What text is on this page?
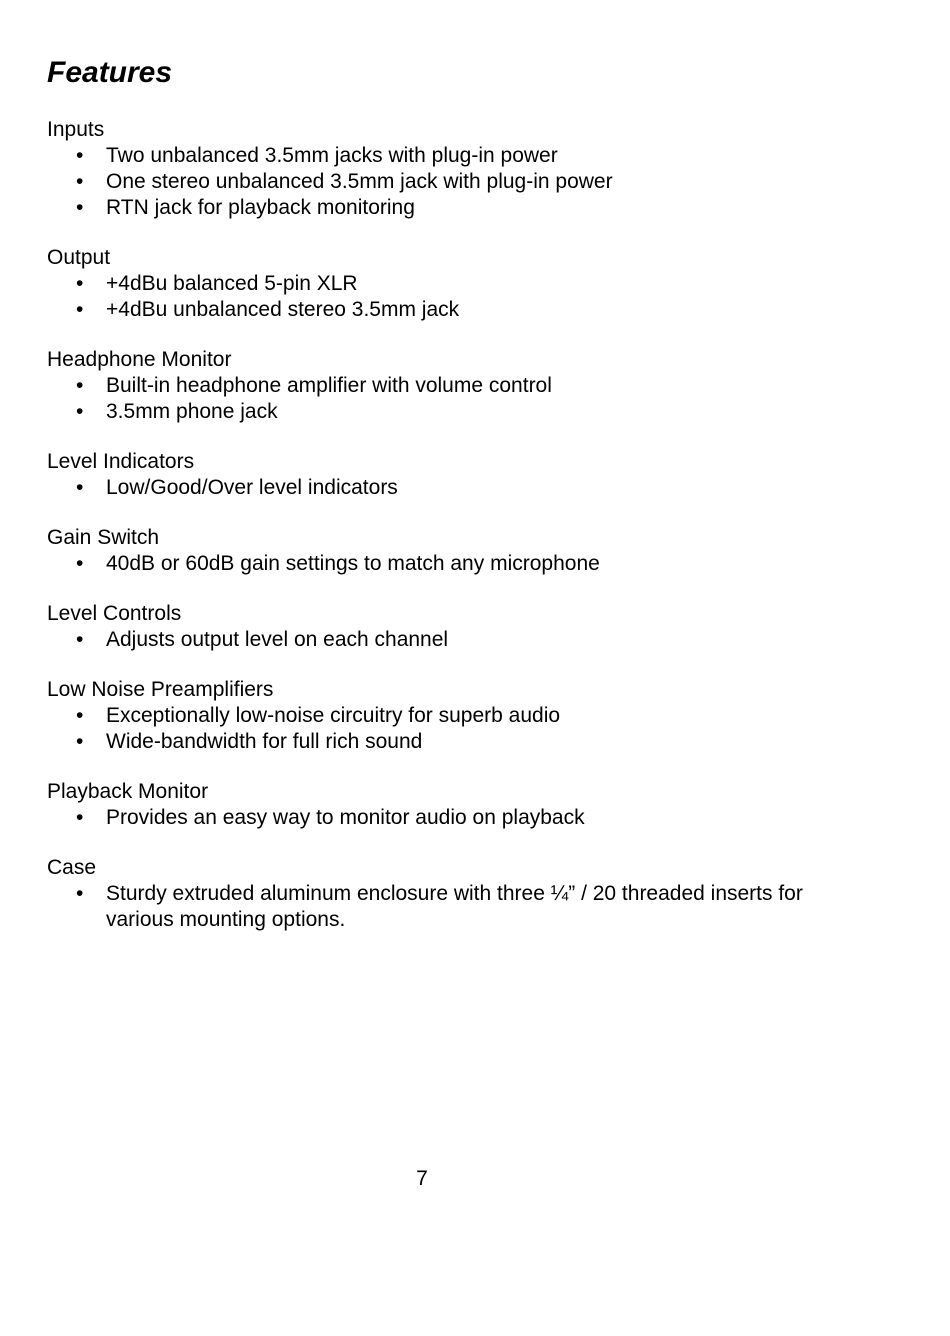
Features

Inputs

• Two unbalanced 3.5mm jacks with plug-in power
• One stereo unbalanced 3.5mm jack with plug-in power
• RTN jack for playback monitoring

Output

• +4dBu balanced 5-pin XLR
• +4dBu unbalanced stereo 3.5mm jack

Headphone Monitor

• Built-in headphone amplifier with volume control
• 3.5mm phone jack

Level Indicators

• Low/Good/Over level indicators

Gain Switch

• 40dB or 60dB gain settings to match any microphone

Level Controls

• Adjusts output level on each channel

Low Noise Preamplifiers

• Exceptionally low-noise circuitry for superb audio
• Wide-bandwidth for full rich sound

Playback Monitor

• Provides an easy way to monitor audio on playback

Case

• Sturdy extruded aluminum enclosure with three ¼” / 20 threaded inserts for various mounting options.
7
